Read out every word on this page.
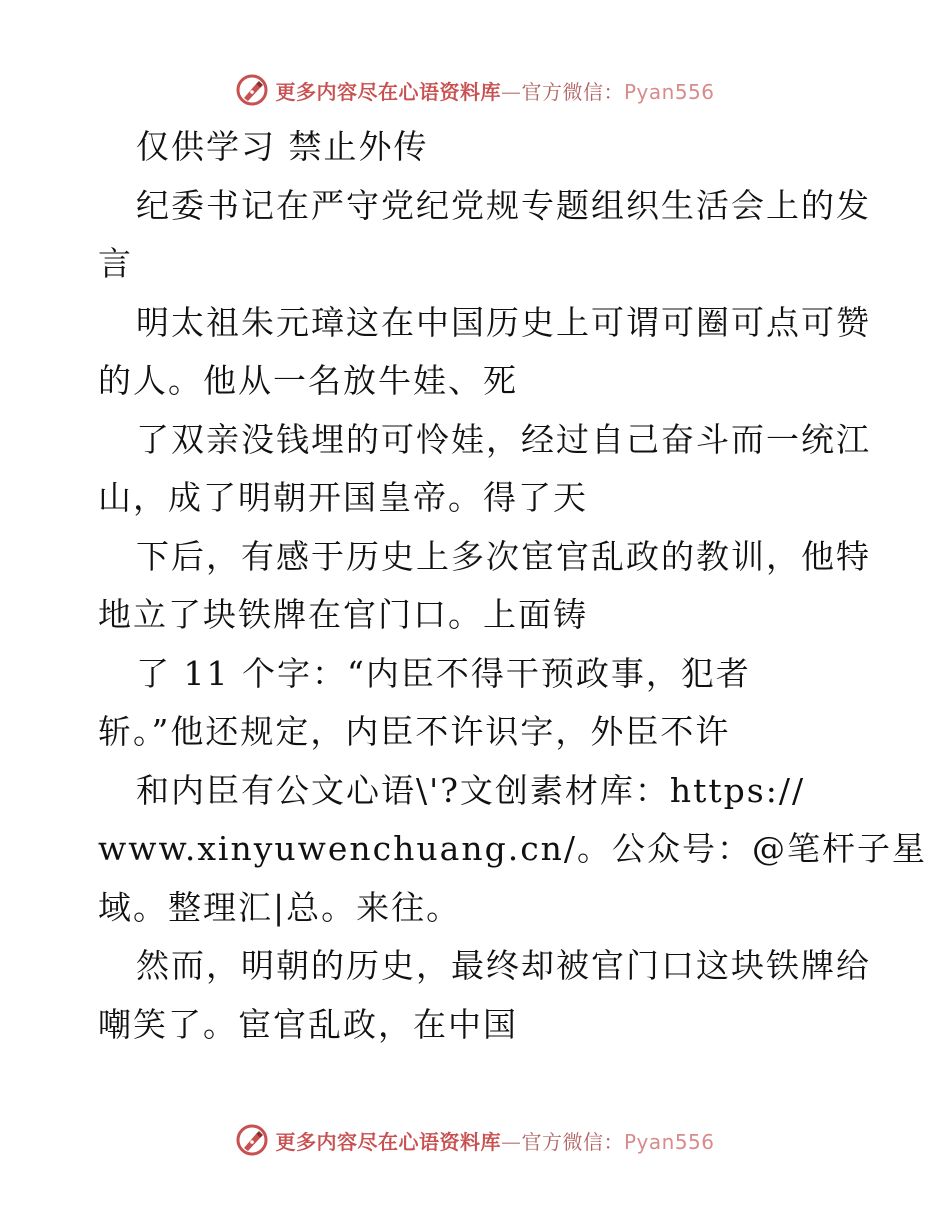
更多内容尽在心语资料库—官方微信：Pyan556
仅供学习 禁止外传
纪委书记在严守党纪党规专题组织生活会上的发
言
明太祖朱元璋这在中国历史上可谓可圈可点可赞
的人。他从一名放牛娃、死
了双亲没钱埋的可怜娃，经过自己奋斗而一统江
山，成了明朝开国皇帝。得了天
下后，有感于历史上多次宦官乱政的教训，他特
地立了块铁牌在官门口。上面铸
了 11 个字：“内臣不得干预政事，犯者
斩。”他还规定，内臣不许识字，外臣不许
和内臣有公文心语\'?文创素材库：https://
www.xinyuwenchuang.cn/。公众号：@笔杆子星
域。整理汇|总。来往。
然而，明朝的历史，最终却被官门口这块铁牌给
嘲笑了。宦官乱政，在中国
更多内容尽在心语资料库—官方微信：Pyan556
